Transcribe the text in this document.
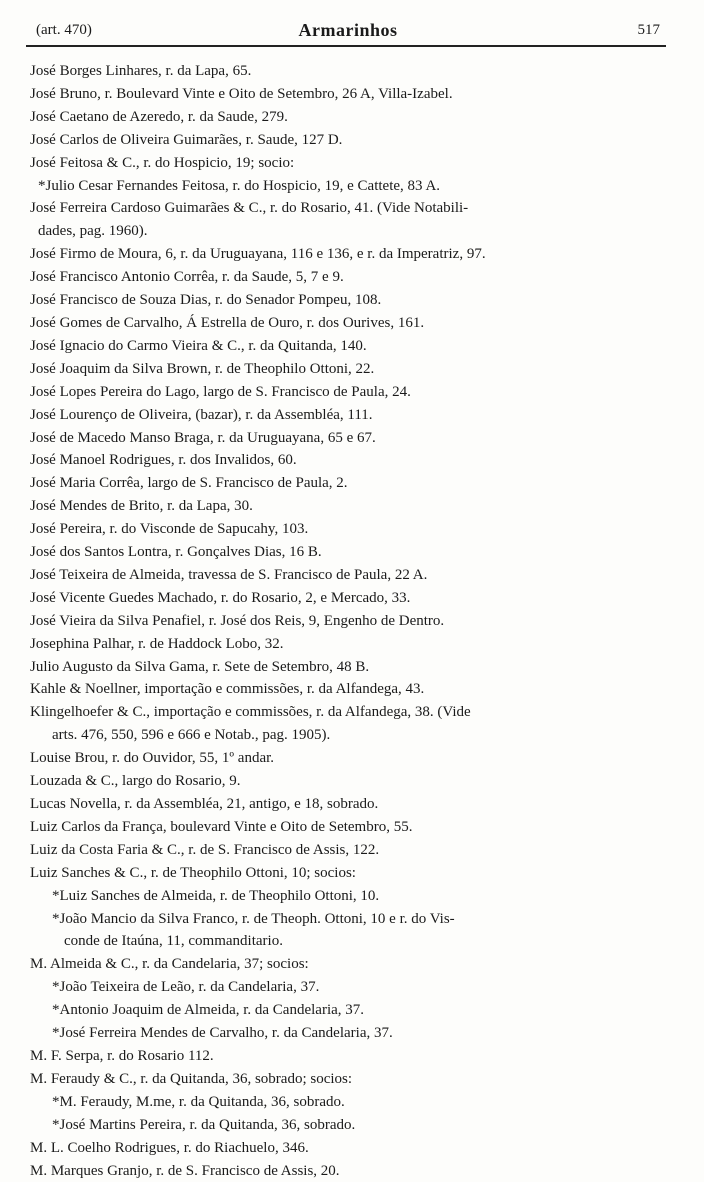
(art. 470)	Armarinhos	517
José Borges Linhares, r. da Lapa, 65.
José Bruno, r. Boulevard Vinte e Oito de Setembro, 26 A, Villa-Izabel.
José Caetano de Azeredo, r. da Saude, 279.
José Carlos de Oliveira Guimarães, r. Saude, 127 D.
José Feitosa & C., r. do Hospicio, 19; socio:
*Julio Cesar Fernandes Feitosa, r. do Hospicio, 19, e Cattete, 83 A.
José Ferreira Cardoso Guimarães & C., r. do Rosario, 41. (Vide Notabili-
dades, pag. 1960).
José Firmo de Moura, 6, r. da Uruguayana, 116 e 136, e r. da Imperatriz, 97.
José Francisco Antonio Corrêa, r. da Saude, 5, 7 e 9.
José Francisco de Souza Dias, r. do Senador Pompeu, 108.
José Gomes de Carvalho, Á Estrella de Ouro, r. dos Ourives, 161.
José Ignacio do Carmo Vieira & C., r. da Quitanda, 140.
José Joaquim da Silva Brown, r. de Theophilo Ottoni, 22.
José Lopes Pereira do Lago, largo de S. Francisco de Paula, 24.
José Lourenço de Oliveira, (bazar), r. da Assembléa, 111.
José de Macedo Manso Braga, r. da Uruguayana, 65 e 67.
José Manoel Rodrigues, r. dos Invalidos, 60.
José Maria Corrêa, largo de S. Francisco de Paula, 2.
José Mendes de Brito, r. da Lapa, 30.
José Pereira, r. do Visconde de Sapucahy, 103.
José dos Santos Lontra, r. Gonçalves Dias, 16 B.
José Teixeira de Almeida, travessa de S. Francisco de Paula, 22 A.
José Vicente Guedes Machado, r. do Rosario, 2, e Mercado, 33.
José Vieira da Silva Penafiel, r. José dos Reis, 9, Engenho de Dentro.
Josephina Palhar, r. de Haddock Lobo, 32.
Julio Augusto da Silva Gama, r. Sete de Setembro, 48 B.
Kahle & Noellner, importação e commissões, r. da Alfandega, 43.
Klingelhoefer & C., importação e commissões, r. da Alfandega, 38. (Vide
arts. 476, 550, 596 e 666 e Notab., pag. 1905).
Louise Brou, r. do Ouvidor, 55, 1º andar.
Louzada & C., largo do Rosario, 9.
Lucas Novella, r. da Assembléa, 21, antigo, e 18, sobrado.
Luiz Carlos da França, boulevard Vinte e Oito de Setembro, 55.
Luiz da Costa Faria & C., r. de S. Francisco de Assis, 122.
Luiz Sanches & C., r. de Theophilo Ottoni, 10; socios:
*Luiz Sanches de Almeida, r. de Theophilo Ottoni, 10.
*João Mancio da Silva Franco, r. de Theoph. Ottoni, 10 e r. do Vis-
conde de Itaúna, 11, commanditario.
M. Almeida & C., r. da Candelaria, 37; socios:
*João Teixeira de Leão, r. da Candelaria, 37.
*Antonio Joaquim de Almeida, r. da Candelaria, 37.
*José Ferreira Mendes de Carvalho, r. da Candelaria, 37.
M. F. Serpa, r. do Rosario 112.
M. Feraudy & C., r. da Quitanda, 36, sobrado; socios:
*M. Feraudy, M.me, r. da Quitanda, 36, sobrado.
*José Martins Pereira, r. da Quitanda, 36, sobrado.
M. L. Coelho Rodrigues, r. do Riachuelo, 346.
M. Marques Granjo, r. de S. Francisco de Assis, 20.
